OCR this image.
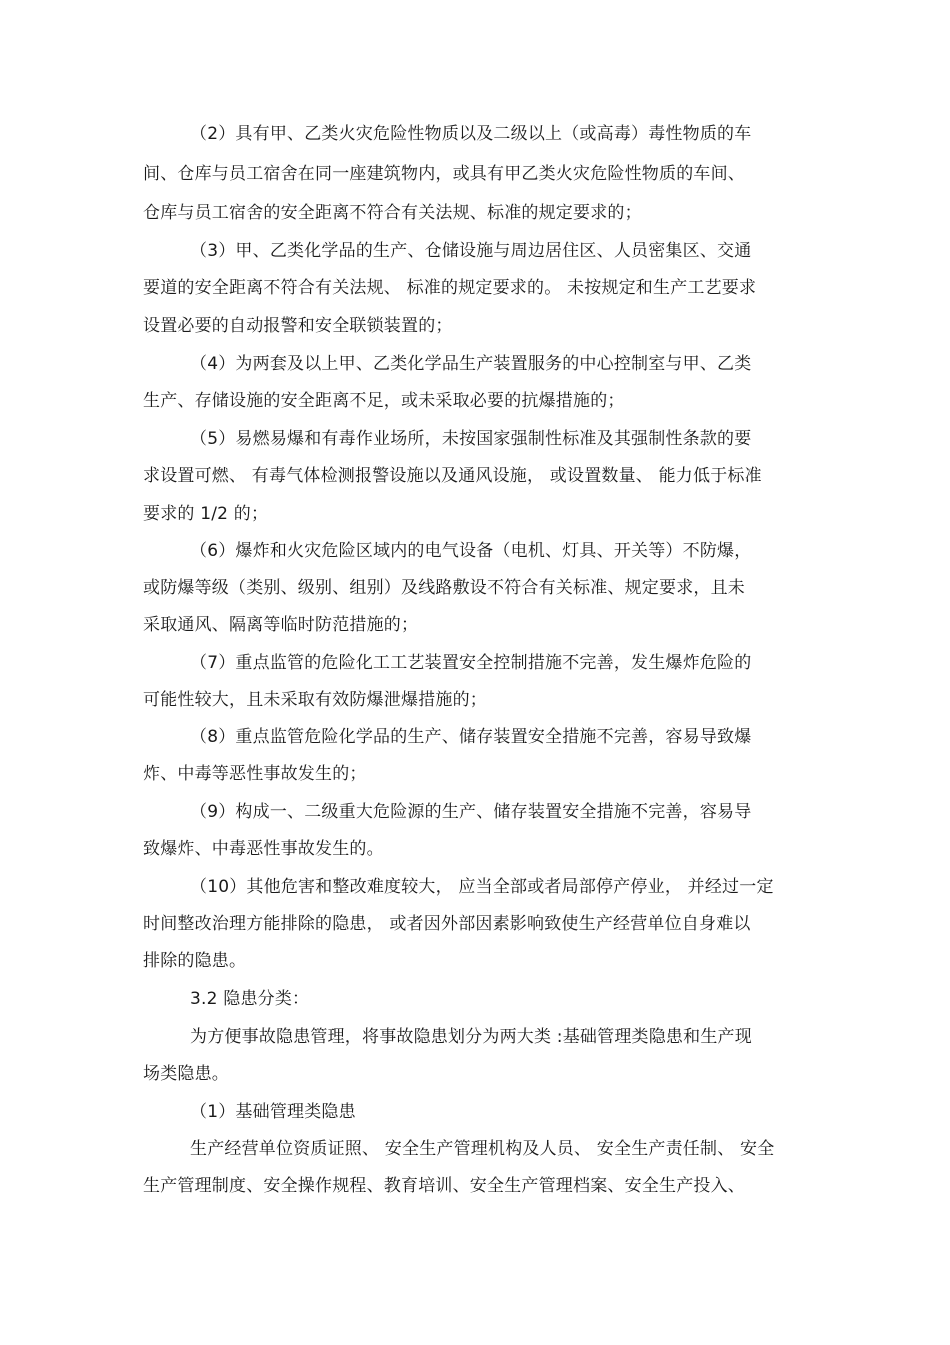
（2）具有甲、乙类火灾危险性物质以及二级以上（或高毒）毒性物质的车
间、仓库与员工宿舍在同一座建筑物内，或具有甲乙类火灾危险性物质的车间、
仓库与员工宿舍的安全距离不符合有关法规、标准的规定要求的；
（3）甲、乙类化学品的生产、仓储设施与周边居住区、人员密集区、交通
要道的安全距离不符合有关法规、 标准的规定要求的。 未按规定和生产工艺要求
设置必要的自动报警和安全联锁装置的；
（4）为两套及以上甲、乙类化学品生产装置服务的中心控制室与甲、乙类
生产、存储设施的安全距离不足，或未采取必要的抗爆措施的；
（5）易燃易爆和有毒作业场所，未按国家强制性标准及其强制性条款的要
求设置可燃、 有毒气体检测报警设施以及通风设施， 或设置数量、 能力低于标准
要求的 1/2 的；
（6）爆炸和火灾危险区域内的电气设备（电机、灯具、开关等）不防爆，
或防爆等级（类别、级别、组别）及线路敷设不符合有关标准、规定要求，且未
采取通风、隔离等临时防范措施的；
（7）重点监管的危险化工工艺装置安全控制措施不完善，发生爆炸危险的
可能性较大，且未采取有效防爆泄爆措施的；
（8）重点监管危险化学品的生产、储存装置安全措施不完善，容易导致爆
炸、中毒等恶性事故发生的；
（9）构成一、二级重大危险源的生产、储存装置安全措施不完善，容易导
致爆炸、中毒恶性事故发生的。
（10）其他危害和整改难度较大， 应当全部或者局部停产停业， 并经过一定
时间整改治理方能排除的隐患， 或者因外部因素影响致使生产经营单位自身难以
排除的隐患。
3.2 隐患分类：
为方便事故隐患管理，将事故隐患划分为两大类 :基础管理类隐患和生产现
场类隐患。
（1）基础管理类隐患
生产经营单位资质证照、 安全生产管理机构及人员、 安全生产责任制、 安全
生产管理制度、安全操作规程、教育培训、安全生产管理档案、安全生产投入、
